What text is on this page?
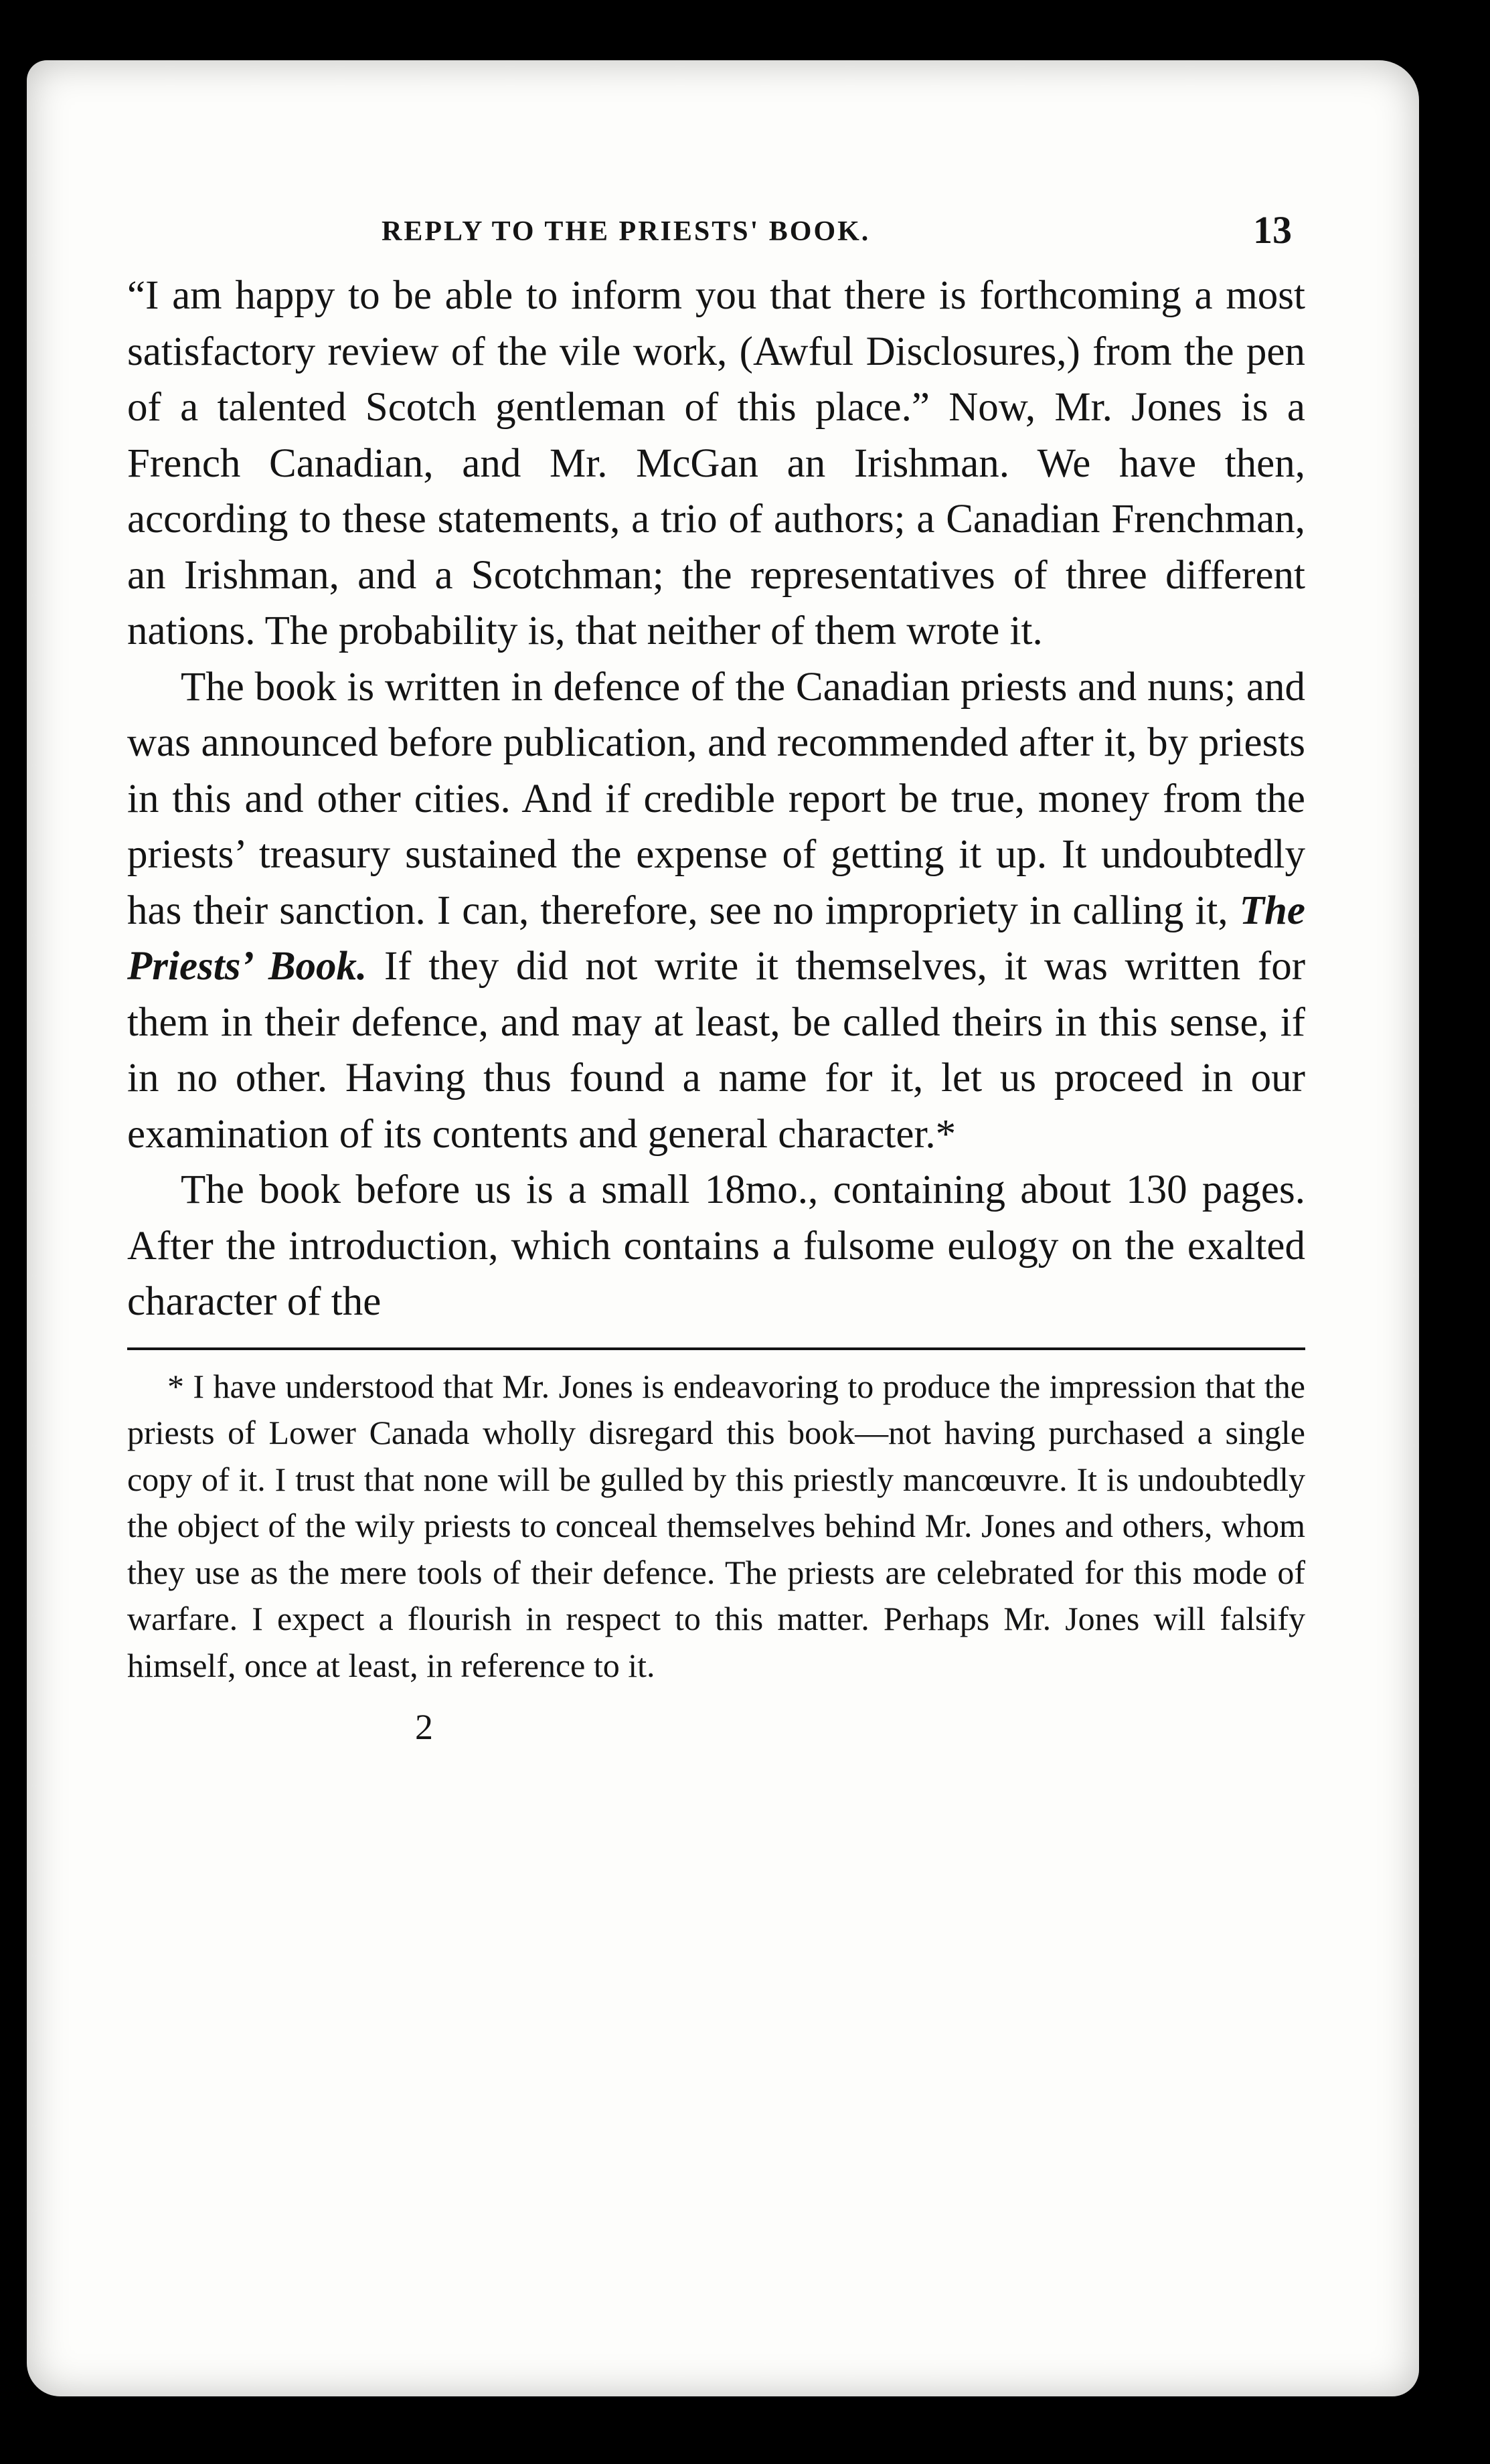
REPLY TO THE PRIESTS' BOOK.	13

“I am happy to be able to inform you that there is forthcoming a most satisfactory review of the vile work, (Awful Disclosures,) from the pen of a talented Scotch gentleman of this place.” Now, Mr. Jones is a French Canadian, and Mr. McGan an Irishman. We have then, according to these statements, a trio of authors; a Canadian Frenchman, an Irishman, and a Scotchman; the representatives of three different nations. The probability is, that neither of them wrote it.

The book is written in defence of the Canadian priests and nuns; and was announced before publication, and recommended after it, by priests in this and other cities. And if credible report be true, money from the priests’ treasury sustained the expense of getting it up. It undoubtedly has their sanction. I can, therefore, see no impropriety in calling it, The Priests’ Book. If they did not write it themselves, it was written for them in their defence, and may at least, be called theirs in this sense, if in no other. Having thus found a name for it, let us proceed in our examination of its contents and general character.*

The book before us is a small 18mo., containing about 130 pages. After the introduction, which contains a fulsome eulogy on the exalted character of the

* I have understood that Mr. Jones is endeavoring to produce the impression that the priests of Lower Canada wholly disregard this book—not having purchased a single copy of it. I trust that none will be gulled by this priestly mancœuvre. It is undoubtedly the object of the wily priests to conceal themselves behind Mr. Jones and others, whom they use as the mere tools of their defence. The priests are celebrated for this mode of warfare. I expect a flourish in respect to this matter. Perhaps Mr. Jones will falsify himself, once at least, in reference to it.

2
